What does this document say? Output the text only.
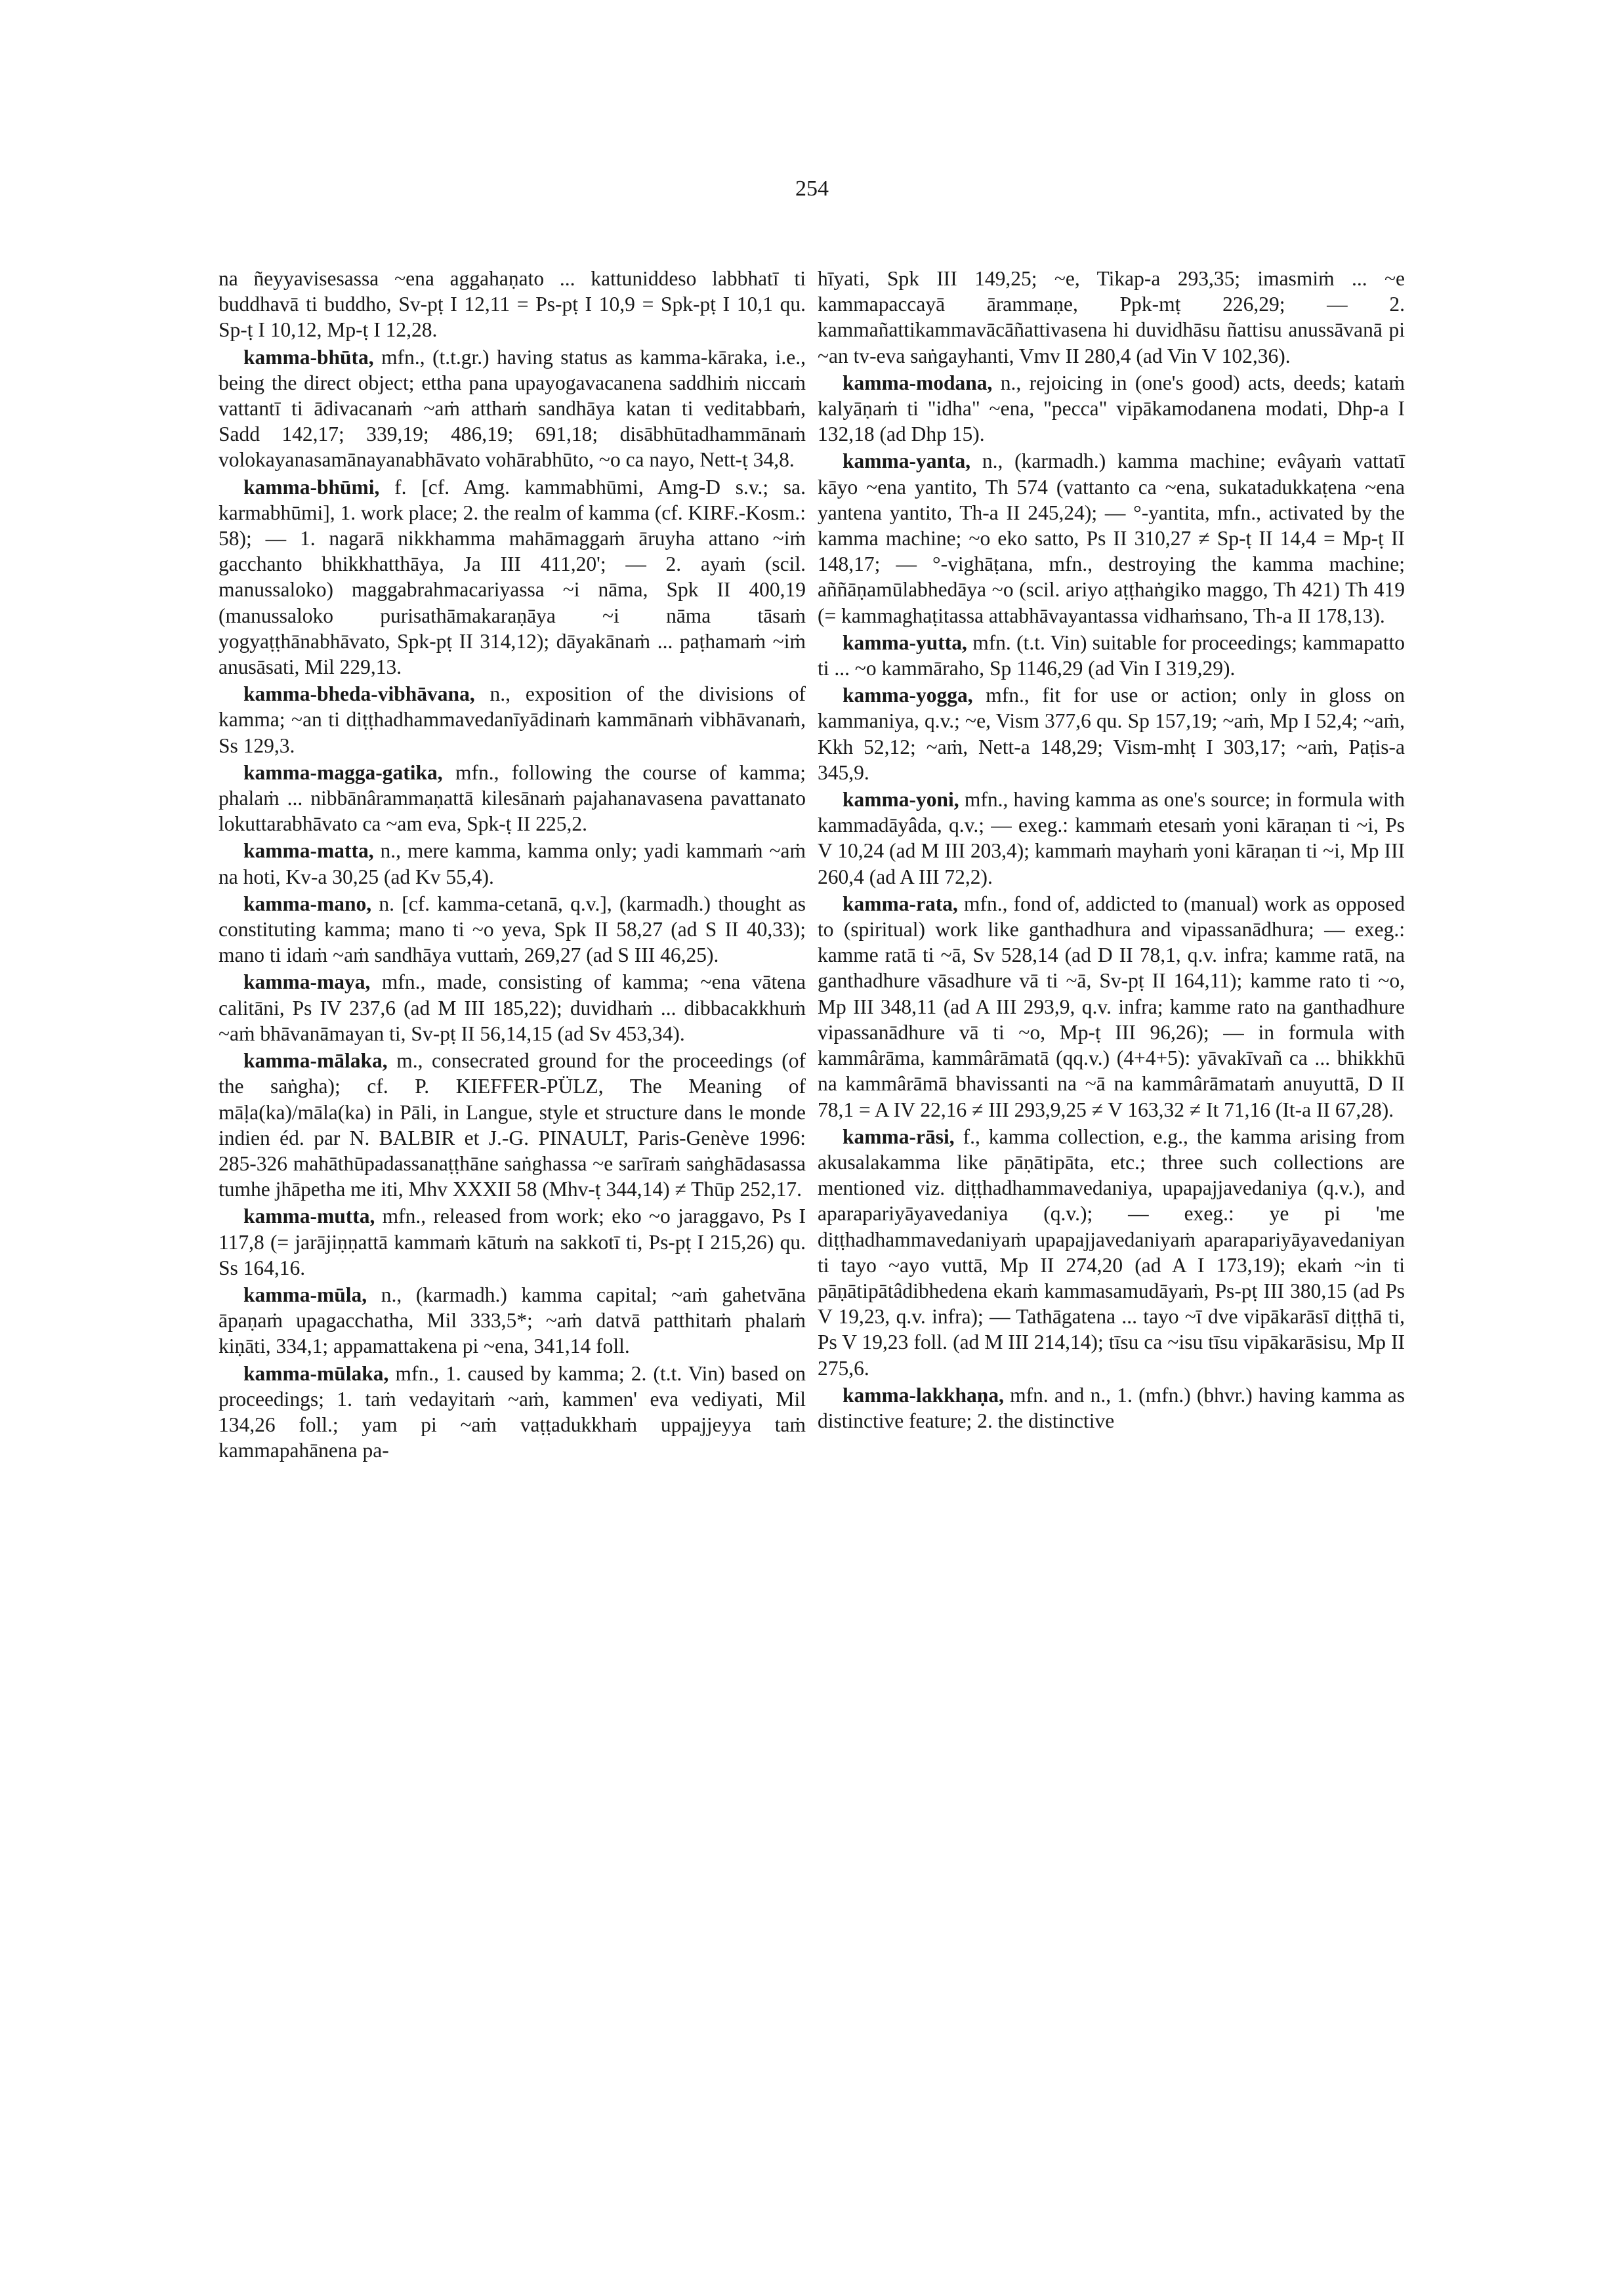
254

na ñeyyavisesassa ~ena aggahaṇato ... kattuniddeso labbhatī ti buddhavā ti buddho, Sv-pṭ I 12,11 = Ps-pṭ I 10,9 = Spk-pṭ I 10,1 qu. Sp-ṭ I 10,12, Mp-ṭ I 12,28.

kamma-bhūta, mfn., (t.t.gr.) having status as kamma-kāraka, i.e., being the direct object; ettha pana upayogavacanena saddhiṁ niccaṁ vattantī ti ādivacanaṁ ~aṁ atthaṁ sandhāya katan ti veditabbaṁ, Sadd 142,17; 339,19; 486,19; 691,18; disābhūtadhammānaṁ volokayanasamānayanabhāvato vohārabhūto, ~o ca nayo, Nett-ṭ 34,8.

kamma-bhūmi, f. [cf. Amg. kammabhūmi, Amg-D s.v.; sa. karmabhūmi], 1. work place; 2. the realm of kamma (cf. KIRF.-Kosm.: 58); — 1. nagarā nikkhamma mahāmaggaṁ āruyha attano ~iṁ gacchanto bhikkhatthāya, Ja III 411,20'; — 2. ayaṁ (scil. manussaloko) maggabrahmacariyassa ~i nāma, Spk II 400,19 (manussaloko purisathāmakaraṇāya ~i nāma tāsaṁ yogyaṭṭhānabhāvato, Spk-pṭ II 314,12); dāyakānaṁ ... paṭhamaṁ ~iṁ anusāsati, Mil 229,13.

kamma-bheda-vibhāvana, n., exposition of the divisions of kamma; ~an ti diṭṭhadhammavedanīyādinaṁ kammānaṁ vibhāvanaṁ, Ss 129,3.

kamma-magga-gatika, mfn., following the course of kamma; phalaṁ ... nibbānârammaṇattā kilesānaṁ pajahanavasena pavattanato lokuttarabhāvato ca ~am eva, Spk-ṭ II 225,2.

kamma-matta, n., mere kamma, kamma only; yadi kammaṁ ~aṁ na hoti, Kv-a 30,25 (ad Kv 55,4).

kamma-mano, n. [cf. kamma-cetanā, q.v.], (karmadh.) thought as constituting kamma; mano ti ~o yeva, Spk II 58,27 (ad S II 40,33); mano ti idaṁ ~aṁ sandhāya vuttaṁ, 269,27 (ad S III 46,25).

kamma-maya, mfn., made, consisting of kamma; ~ena vātena calitāni, Ps IV 237,6 (ad M III 185,22); duvidhaṁ ... dibbacakkhuṁ ~aṁ bhāvanāmayan ti, Sv-pṭ II 56,14,15 (ad Sv 453,34).

kamma-mālaka, m., consecrated ground for the proceedings (of the saṅgha); cf. P. KIEFFER-PÜLZ, The Meaning of māḷa(ka)/māla(ka) in Pāli, in Langue, style et structure dans le monde indien éd. par N. BALBIR et J.-G. PINAULT, Paris-Genève 1996: 285-326 mahāthūpadassanaṭṭhāne saṅghassa ~e sarīraṁ saṅghādasassa tumhe jhāpetha me iti, Mhv XXXII 58 (Mhv-ṭ 344,14) ≠ Thūp 252,17.

kamma-mutta, mfn., released from work; eko ~o jaraggavo, Ps I 117,8 (= jarājiṇṇattā kammaṁ kātuṁ na sakkotī ti, Ps-pṭ I 215,26) qu. Ss 164,16.

kamma-mūla, n., (karmadh.) kamma capital; ~aṁ gahetvāna āpaṇaṁ upagacchatha, Mil 333,5*; ~aṁ datvā patthitaṁ phalaṁ kiṇāti, 334,1; appamattakena pi ~ena, 341,14 foll.

kamma-mūlaka, mfn., 1. caused by kamma; 2. (t.t. Vin) based on proceedings; 1. taṁ vedayitaṁ ~aṁ, kammen' eva vediyati, Mil 134,26 foll.; yam pi ~aṁ vaṭṭadukkhaṁ uppajjeyya taṁ kammapahānena pa-

hīyati, Spk III 149,25; ~e, Tikap-a 293,35; imasmiṁ ... ~e kammapaccayā ārammaṇe, Ppk-mṭ 226,29; — 2. kammañattikammavācāñattivasena hi duvidhāsu ñattisu anussāvanā pi ~an tv-eva saṅgayhanti, Vmv II 280,4 (ad Vin V 102,36).

kamma-modana, n., rejoicing in (one's good) acts, deeds; kataṁ kalyāṇaṁ ti "idha" ~ena, "pecca" vipākamodanena modati, Dhp-a I 132,18 (ad Dhp 15).

kamma-yanta, n., (karmadh.) kamma machine; evâyaṁ vattatī kāyo ~ena yantito, Th 574 (vattanto ca ~ena, sukatadukkaṭena ~ena yantena yantito, Th-a II 245,24); — °-yantita, mfn., activated by the kamma machine; ~o eko satto, Ps II 310,27 ≠ Sp-ṭ II 14,4 = Mp-ṭ II 148,17; — °-vighāṭana, mfn., destroying the kamma machine; aññāṇamūlabhedāya ~o (scil. ariyo aṭṭhaṅgiko maggo, Th 421) Th 419 (= kammaghaṭitassa attabhāvayantassa vidhaṁsano, Th-a II 178,13).

kamma-yutta, mfn. (t.t. Vin) suitable for proceedings; kammapatto ti ... ~o kammāraho, Sp 1146,29 (ad Vin I 319,29).

kamma-yogga, mfn., fit for use or action; only in gloss on kammaniya, q.v.; ~e, Vism 377,6 qu. Sp 157,19; ~aṁ, Mp I 52,4; ~aṁ, Kkh 52,12; ~aṁ, Nett-a 148,29; Vism-mhṭ I 303,17; ~aṁ, Paṭis-a 345,9.

kamma-yoni, mfn., having kamma as one's source; in formula with kammadāyâda, q.v.; — exeg.: kammaṁ etesaṁ yoni kāraṇan ti ~i, Ps V 10,24 (ad M III 203,4); kammaṁ mayhaṁ yoni kāraṇan ti ~i, Mp III 260,4 (ad A III 72,2).

kamma-rata, mfn., fond of, addicted to (manual) work as opposed to (spiritual) work like ganthadhura and vipassanādhura; — exeg.: kamme ratā ti ~ā, Sv 528,14 (ad D II 78,1, q.v. infra; kamme ratā, na ganthadhure vāsadhure vā ti ~ā, Sv-pṭ II 164,11); kamme rato ti ~o, Mp III 348,11 (ad A III 293,9, q.v. infra; kamme rato na ganthadhure vipassanādhure vā ti ~o, Mp-ṭ III 96,26); — in formula with kammârāma, kammârāmatā (qq.v.) (4+4+5): yāvakīvañ ca ... bhikkhū na kammârāmā bhavissanti na ~ā na kammârāmataṁ anuyuttā, D II 78,1 = A IV 22,16 ≠ III 293,9,25 ≠ V 163,32 ≠ It 71,16 (It-a II 67,28).

kamma-rāsi, f., kamma collection, e.g., the kamma arising from akusalakamma like pāṇātipāta, etc.; three such collections are mentioned viz. diṭṭhadhammavedaniya, upapajjavedaniya (q.v.), and aparapariyāyavedaniya (q.v.); — exeg.: ye pi 'me diṭṭhadhammavedaniyaṁ upapajjavedaniyaṁ aparapariyāyavedaniyan ti tayo ~ayo vuttā, Mp II 274,20 (ad A I 173,19); ekaṁ ~in ti pāṇātipātâdibhedena ekaṁ kammasamudāyaṁ, Ps-pṭ III 380,15 (ad Ps V 19,23, q.v. infra); — Tathāgatena ... tayo ~ī dve vipākarāsī diṭṭhā ti, Ps V 19,23 foll. (ad M III 214,14); tīsu ca ~isu tīsu vipākarāsisu, Mp II 275,6.

kamma-lakkhaṇa, mfn. and n., 1. (mfn.) (bhvr.) having kamma as distinctive feature; 2. the distinctive
